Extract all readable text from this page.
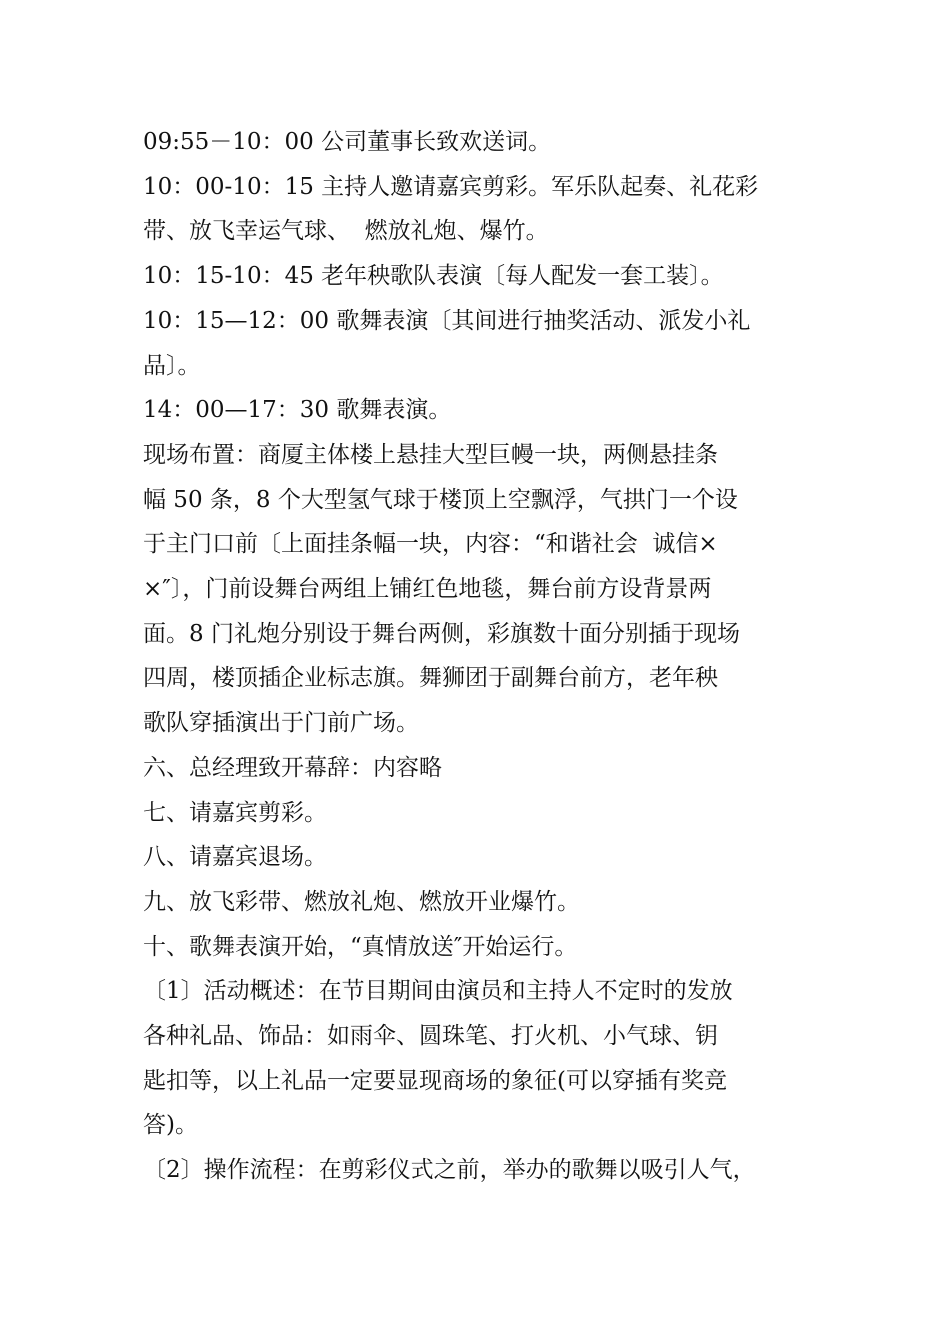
09:55－10：00 公司董事长致欢送词。
10：00-10：15 主持人邀请嘉宾剪彩。军乐队起奏、礼花彩
带、放飞幸运气球、  燃放礼炮、爆竹。
10：15-10：45 老年秧歌队表演〔每人配发一套工装〕。
10：15—12：00 歌舞表演〔其间进行抽奖活动、派发小礼
品〕。
14：00—17：30 歌舞表演。
现场布置：商厦主体楼上悬挂大型巨幔一块，两侧悬挂条
幅 50 条，8 个大型氢气球于楼顶上空飘浮，气拱门一个设
于主门口前〔上面挂条幅一块，内容：“和谐社会  诚信×
×″〕，门前设舞台两组上铺红色地毯，舞台前方设背景两
面。8 门礼炮分别设于舞台两侧，彩旗数十面分别插于现场
四周，楼顶插企业标志旗。舞狮团于副舞台前方，老年秧
歌队穿插演出于门前广场。
六、总经理致开幕辞：内容略
七、请嘉宾剪彩。
八、请嘉宾退场。
九、放飞彩带、燃放礼炮、燃放开业爆竹。
十、歌舞表演开始，“真情放送″开始运行。
〔1〕活动概述：在节目期间由演员和主持人不定时的发放
各种礼品、饰品：如雨伞、圆珠笔、打火机、小气球、钥
匙扣等，以上礼品一定要显现商场的象征(可以穿插有奖竞
答)。
〔2〕操作流程：在剪彩仪式之前，举办的歌舞以吸引人气，
